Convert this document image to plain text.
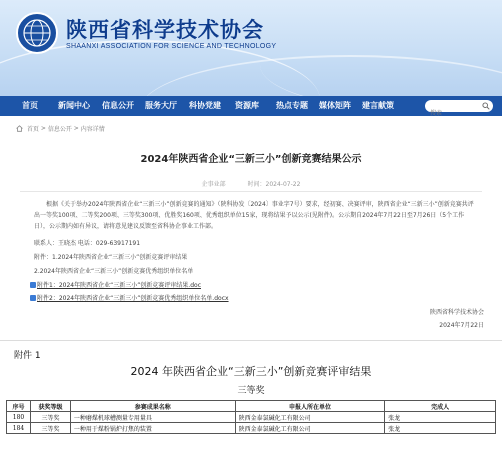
陕西省科学技术协会
SHAANXI ASSOCIATION FOR SCIENCE AND TECHNOLOGY
首页	新闻中心 信息公开 服务大厅 科协党建 资源库 热点专题 媒体矩阵 建言献策
搜索
首页 > 信息公开 > 内容详情
2024年陕西省企业“三新三小”创新竞赛结果公示
企事业部	时间：2024-07-22
根据《关于举办2024年陕西省企业“三新三小”创新竞赛的通知》（陕科协发〔2024〕事业字7号）要求，经初赛、决赛评审，陕西省企业“三新三小”创新竞赛共评出一等奖100项、二等奖200项、三等奖300项、优胜奖160项、优秀组织单位15家，现将结果予以公示(见附件)。公示期自2024年7月22日至7月26日（5个工作日），公示期内如有异议，请将意见建议反馈至省科协企事业工作部。
联系人：王晓杰 电话：029-63917191
附件：1.2024年陕西省企业“三新三小”创新竞赛评审结果
2.2024年陕西省企业“三新三小”创新竞赛优秀组织单位名单
附件1：2024年陕西省企业“三新三小”创新竞赛评审结果.doc
附件2：2024年陕西省企业“三新三小”创新竞赛优秀组织单位名单.docx
陕西省科学技术协会
2024年7月22日
附件 1
2024 年陕西省企业“三新三小”创新竞赛评审结果
三等奖
序号	获奖等级	参赛成果名称	申报人所在单位	完成人
180	三等奖	一种磨煤机球槽测量专用量具	陕西金泰氯碱化工有限公司	张龙
184	三等奖	一种用于煤粉锅炉打焦的装置	陕西金泰氯碱化工有限公司	张龙
